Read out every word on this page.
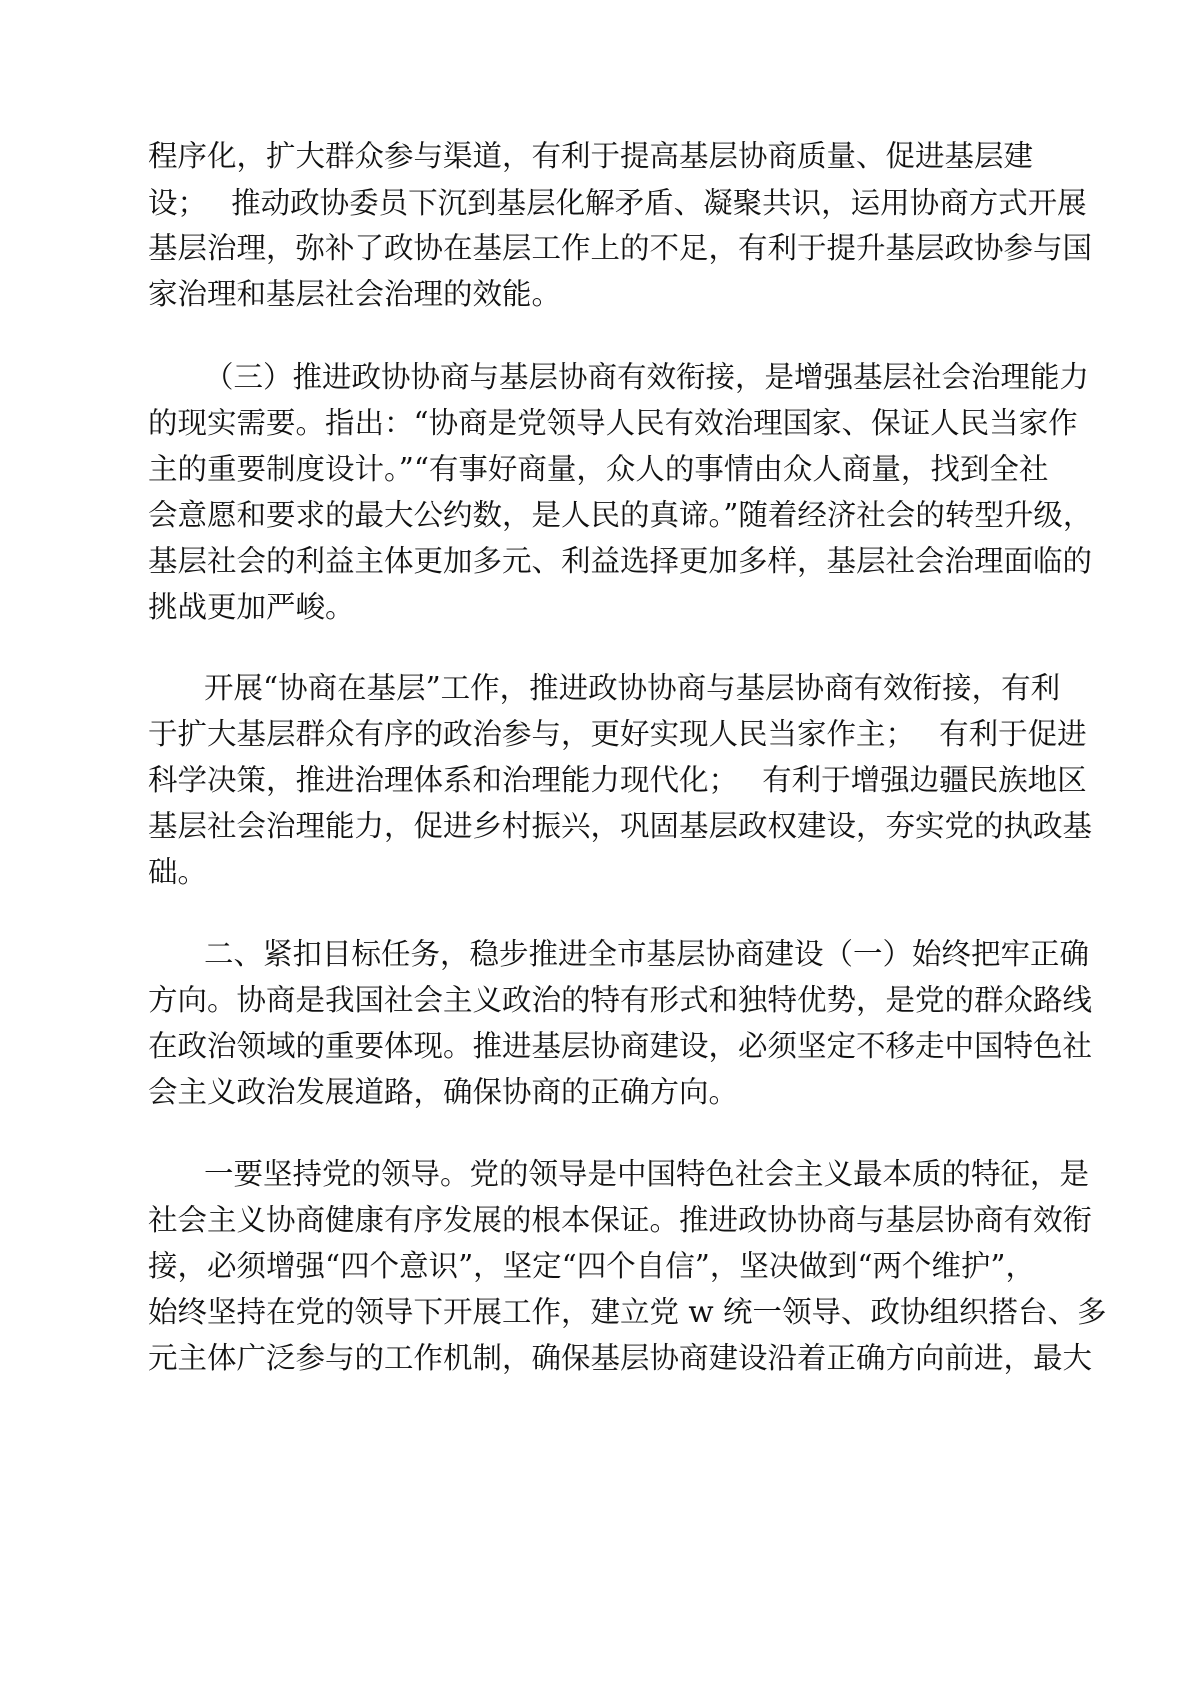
程序化，扩大群众参与渠道，有利于提高基层协商质量、促进基层建

设；　 推动政协委员下沉到基层化解矛盾、凝聚共识，运用协商方式开展

基层治理，弥补了政协在基层工作上的不足，有利于提升基层政协参与国

家治理和基层社会治理的效能。

（三）推进政协协商与基层协商有效衔接，是增强基层社会治理能力

的现实需要。指出：“协商是党领导人民有效治理国家、保证人民当家作

主的重要制度设计。”“有事好商量，众人的事情由众人商量，找到全社

会意愿和要求的最大公约数，是人民的真谛。”随着经济社会的转型升级，

基层社会的利益主体更加多元、利益选择更加多样，基层社会治理面临的

挑战更加严峻。

开展“协商在基层”工作，推进政协协商与基层协商有效衔接，有利

于扩大基层群众有序的政治参与，更好实现人民当家作主；　 有利于促进

科学决策，推进治理体系和治理能力现代化；　 有利于增强边疆民族地区

基层社会治理能力，促进乡村振兴，巩固基层政权建设，夯实党的执政基

础。

二、紧扣目标任务，稳步推进全市基层协商建设（一）始终把牢正确

方向。协商是我国社会主义政治的特有形式和独特优势，是党的群众路线

在政治领域的重要体现。推进基层协商建设，必须坚定不移走中国特色社

会主义政治发展道路，确保协商的正确方向。

一要坚持党的领导。党的领导是中国特色社会主义最本质的特征，是

社会主义协商健康有序发展的根本保证。推进政协协商与基层协商有效衔

接，必须增强“四个意识”，坚定“四个自信”，坚决做到“两个维护”，

始终坚持在党的领导下开展工作，建立党 w 统一领导、政协组织搭台、多

元主体广泛参与的工作机制，确保基层协商建设沿着正确方向前进，最大
